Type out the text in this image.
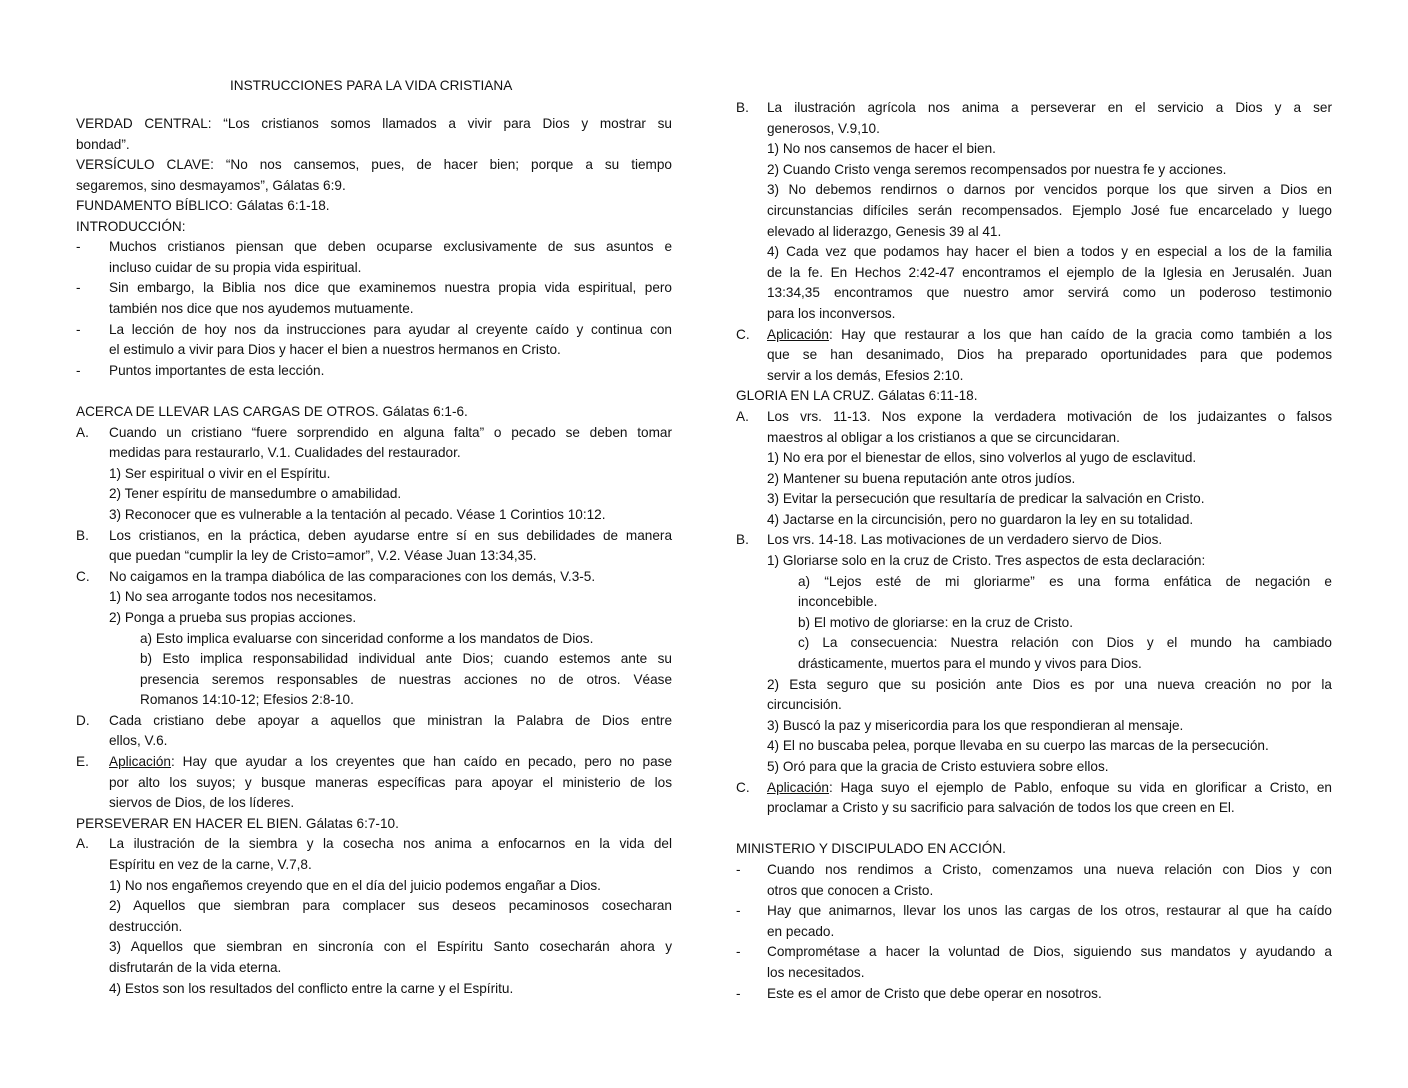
INSTRUCCIONES PARA LA VIDA CRISTIANA
VERDAD CENTRAL: “Los cristianos somos llamados a vivir para Dios y mostrar su
bondad”.
VERSÍCULO CLAVE: “No nos cansemos, pues, de hacer bien; porque a su tiempo
segaremos, sino desmayamos”, Gálatas 6:9.
FUNDAMENTO BÍBLICO: Gálatas 6:1-18.
INTRODUCCIÓN:
- Muchos cristianos piensan que deben ocuparse exclusivamente de sus asuntos e
incluso cuidar de su propia vida espiritual.
- Sin embargo, la Biblia nos dice que examinemos nuestra propia vida espiritual, pero
también nos dice que nos ayudemos mutuamente.
- La lección de hoy nos da instrucciones para ayudar al creyente caído y continua con
el estimulo a vivir para Dios y hacer el bien a nuestros hermanos en Cristo.
- Puntos importantes de esta lección.
ACERCA DE LLEVAR LAS CARGAS DE OTROS. Gálatas 6:1-6.
A. Cuando un cristiano “fuere sorprendido en alguna falta” o pecado se deben tomar
medidas para restaurarlo, V.1. Cualidades del restaurador.
1) Ser espiritual o vivir en el Espíritu.
2) Tener espíritu de mansedumbre o amabilidad.
3) Reconocer que es vulnerable a la tentación al pecado. Véase 1 Corintios 10:12.
B. Los cristianos, en la práctica, deben ayudarse entre sí en sus debilidades de manera
que puedan “cumplir la ley de Cristo=amor”, V.2. Véase Juan 13:34,35.
C. No caigamos en la trampa diabólica de las comparaciones con los demás, V.3-5.
1) No sea arrogante todos nos necesitamos.
2) Ponga a prueba sus propias acciones.
a) Esto implica evaluarse con sinceridad conforme a los mandatos de Dios.
b) Esto implica responsabilidad individual ante Dios; cuando estemos ante su
presencia seremos responsables de nuestras acciones no de otros. Véase
Romanos 14:10-12; Efesios 2:8-10.
D. Cada cristiano debe apoyar a aquellos que ministran la Palabra de Dios entre
ellos, V.6.
E. Aplicación: Hay que ayudar a los creyentes que han caído en pecado, pero no pase
por alto los suyos; y busque maneras específicas para apoyar el ministerio de los
siervos de Dios, de los líderes.
PERSEVERAR EN HACER EL BIEN. Gálatas 6:7-10.
A. La ilustración de la siembra y la cosecha nos anima a enfocarnos en la vida del
Espíritu en vez de la carne, V.7,8.
1) No nos engañemos creyendo que en el día del juicio podemos engañar a Dios.
2) Aquellos que siembran para complacer sus deseos pecaminosos cosecharan
destrucción.
3) Aquellos que siembran en sincronía con el Espíritu Santo cosecharán ahora y
disfrutarán de la vida eterna.
4) Estos son los resultados del conflicto entre la carne y el Espíritu.
B. La ilustración agrícola nos anima a perseverar en el servicio a Dios y a ser
generosos, V.9,10.
1) No nos cansemos de hacer el bien.
2) Cuando Cristo venga seremos recompensados por nuestra fe y acciones.
3) No debemos rendirnos o darnos por vencidos porque los que sirven a Dios en
circunstancias difíciles serán recompensados. Ejemplo José fue encarcelado y luego
elevado al liderazgo, Genesis 39 al 41.
4) Cada vez que podamos hay hacer el bien a todos y en especial a los de la familia
de la fe. En Hechos 2:42-47 encontramos el ejemplo de la Iglesia en Jerusalén. Juan
13:34,35 encontramos que nuestro amor servirá como un poderoso testimonio
para los inconversos.
C. Aplicación: Hay que restaurar a los que han caído de la gracia como también a los
que se han desanimado, Dios ha preparado oportunidades para que podemos
servir a los demás, Efesios 2:10.
GLORIA EN LA CRUZ. Gálatas 6:11-18.
A. Los vrs. 11-13. Nos expone la verdadera motivación de los judaizantes o falsos
maestros al obligar a los cristianos a que se circuncidaran.
1) No era por el bienestar de ellos, sino volverlos al yugo de esclavitud.
2) Mantener su buena reputación ante otros judíos.
3) Evitar la persecución que resultaría de predicar la salvación en Cristo.
4) Jactarse en la circuncisión, pero no guardaron la ley en su totalidad.
B. Los vrs. 14-18. Las motivaciones de un verdadero siervo de Dios.
1) Gloriarse solo en la cruz de Cristo. Tres aspectos de esta declaración:
a) “Lejos esté de mi gloriarme” es una forma enfática de negación e
inconcebible.
b) El motivo de gloriarse: en la cruz de Cristo.
c) La consecuencia: Nuestra relación con Dios y el mundo ha cambiado
drásticamente, muertos para el mundo y vivos para Dios.
2) Esta seguro que su posición ante Dios es por una nueva creación no por la
circuncisión.
3) Buscó la paz y misericordia para los que respondieran al mensaje.
4) El no buscaba pelea, porque llevaba en su cuerpo las marcas de la persecución.
5) Oró para que la gracia de Cristo estuviera sobre ellos.
C. Aplicación: Haga suyo el ejemplo de Pablo, enfoque su vida en glorificar a Cristo, en
proclamar a Cristo y su sacrificio para salvación de todos los que creen en El.
MINISTERIO Y DISCIPULADO EN ACCIÓN.
- Cuando nos rendimos a Cristo, comenzamos una nueva relación con Dios y con
otros que conocen a Cristo.
- Hay que animarnos, llevar los unos las cargas de los otros, restaurar al que ha caído
en pecado.
- Comprométase a hacer la voluntad de Dios, siguiendo sus mandatos y ayudando a
los necesitados.
- Este es el amor de Cristo que debe operar en nosotros.
